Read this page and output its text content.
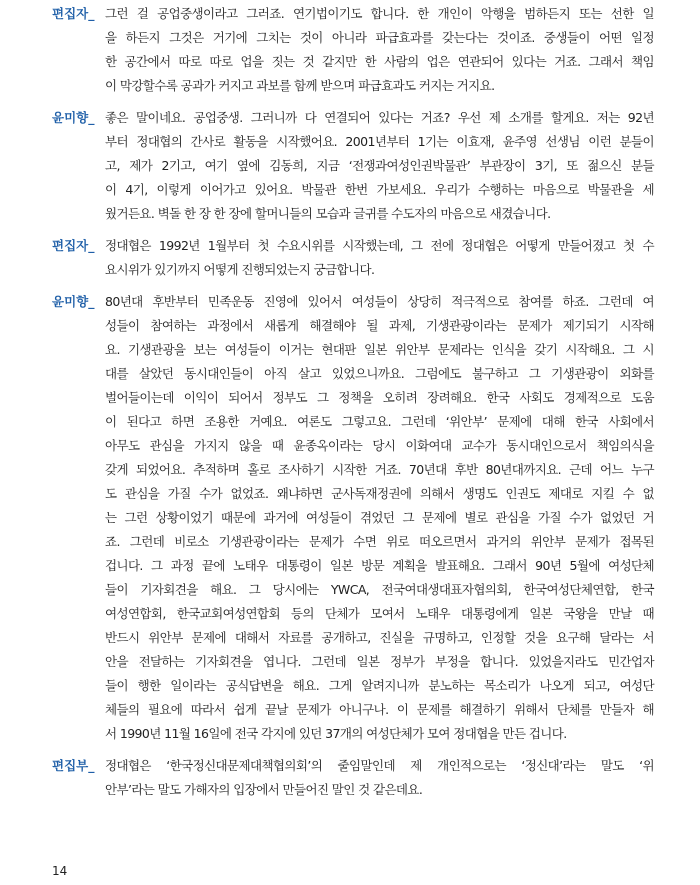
편집자_ 그런 걸 공업중생이라고 그러죠. 연기법이기도 합니다. 한 개인이 악행을 범하든지 또는 선한 일
을 하든지 그것은 거기에 그치는 것이 아니라 파급효과를 갖는다는 것이죠. 중생들이 어떤 일정
한 공간에서 따로 따로 업을 짓는 것 같지만 한 사람의 업은 연관되어 있다는 거죠. 그래서 책임
이 막강할수록 공과가 커지고 과보를 함께 받으며 파급효과도 커지는 거지요.
윤미향_ 좋은 말이네요. 공업중생. 그러니까 다 연결되어 있다는 거죠? 우선 제 소개를 할게요. 저는 92년
부터 정대협의 간사로 활동을 시작했어요. 2001년부터 1기는 이효재, 윤주영 선생님 이런 분들이
고, 제가 2기고, 여기 옆에 김동희, 지금 ‘전쟁과여성인권박물관’ 부관장이 3기, 또 젊으신 분들
이 4기, 이렇게 이어가고 있어요. 박물관 한번 가보세요. 우리가 수행하는 마음으로 박물관을 세
웠거든요. 벽돌 한 장 한 장에 할머니들의 모습과 글귀를 수도자의 마음으로 새겼습니다.
편집자_ 정대협은 1992년 1월부터 첫 수요시위를 시작했는데, 그 전에 정대협은 어떻게 만들어졌고 첫 수
요시위가 있기까지 어떻게 진행되었는지 궁금합니다.
윤미향_ 80년대 후반부터 민족운동 진영에 있어서 여성들이 상당히 적극적으로 참여를 하죠. 그런데 여
성들이 참여하는 과정에서 새롭게 해결해야 될 과제, 기생관광이라는 문제가 제기되기 시작해
요. 기생관광을 보는 여성들이 이거는 현대판 일본 위안부 문제라는 인식을 갖기 시작해요. 그 시
대를 살았던 동시대인들이 아직 살고 있었으니까요. 그럼에도 불구하고 그 기생관광이 외화를
벌어들이는데 이익이 되어서 정부도 그 정책을 오히려 장려해요. 한국 사회도 경제적으로 도움
이 된다고 하면 조용한 거예요. 여론도 그렇고요. 그런데 ‘위안부’ 문제에 대해 한국 사회에서
아무도 관심을 가지지 않을 때 윤종옥이라는 당시 이화여대 교수가 동시대인으로서 책임의식을
갖게 되었어요. 추적하며 홀로 조사하기 시작한 거죠. 70년대 후반 80년대까지요. 근데 어느 누구
도 관심을 가질 수가 없었죠. 왜냐하면 군사독재정권에 의해서 생명도 인권도 제대로 지킬 수 없
는 그런 상황이었기 때문에 과거에 여성들이 겪었던 그 문제에 별로 관심을 가질 수가 없었던 거
죠. 그런데 비로소 기생관광이라는 문제가 수면 위로 떠오르면서 과거의 위안부 문제가 접목된
겁니다. 그 과정 끝에 노태우 대통령이 일본 방문 계획을 발표해요. 그래서 90년 5월에 여성단체
들이 기자회견을 해요. 그 당시에는 YWCA, 전국여대생대표자협의회, 한국여성단체연합, 한국
여성연합회, 한국교회여성연합회 등의 단체가 모여서 노태우 대통령에게 일본 국왕을 만날 때
반드시 위안부 문제에 대해서 자료를 공개하고, 진실을 규명하고, 인정할 것을 요구해 달라는 서
안을 전달하는 기자회견을 엽니다. 그런데 일본 정부가 부정을 합니다. 있었을지라도 민간업자
들이 행한 일이라는 공식답변을 해요. 그게 알려지니까 분노하는 목소리가 나오게 되고, 여성단
체들의 필요에 따라서 쉽게 끝날 문제가 아니구나. 이 문제를 해결하기 위해서 단체를 만들자 해
서 1990년 11월 16일에 전국 각지에 있던 37개의 여성단체가 모여 정대협을 만든 겁니다.
편집부_ 정대협은 ‘한국정신대문제대책협의회’의 줄임말인데 제 개인적으로는 ‘정신대’라는 말도 ‘위
안부’라는 말도 가해자의 입장에서 만들어진 말인 것 같은데요.
14
